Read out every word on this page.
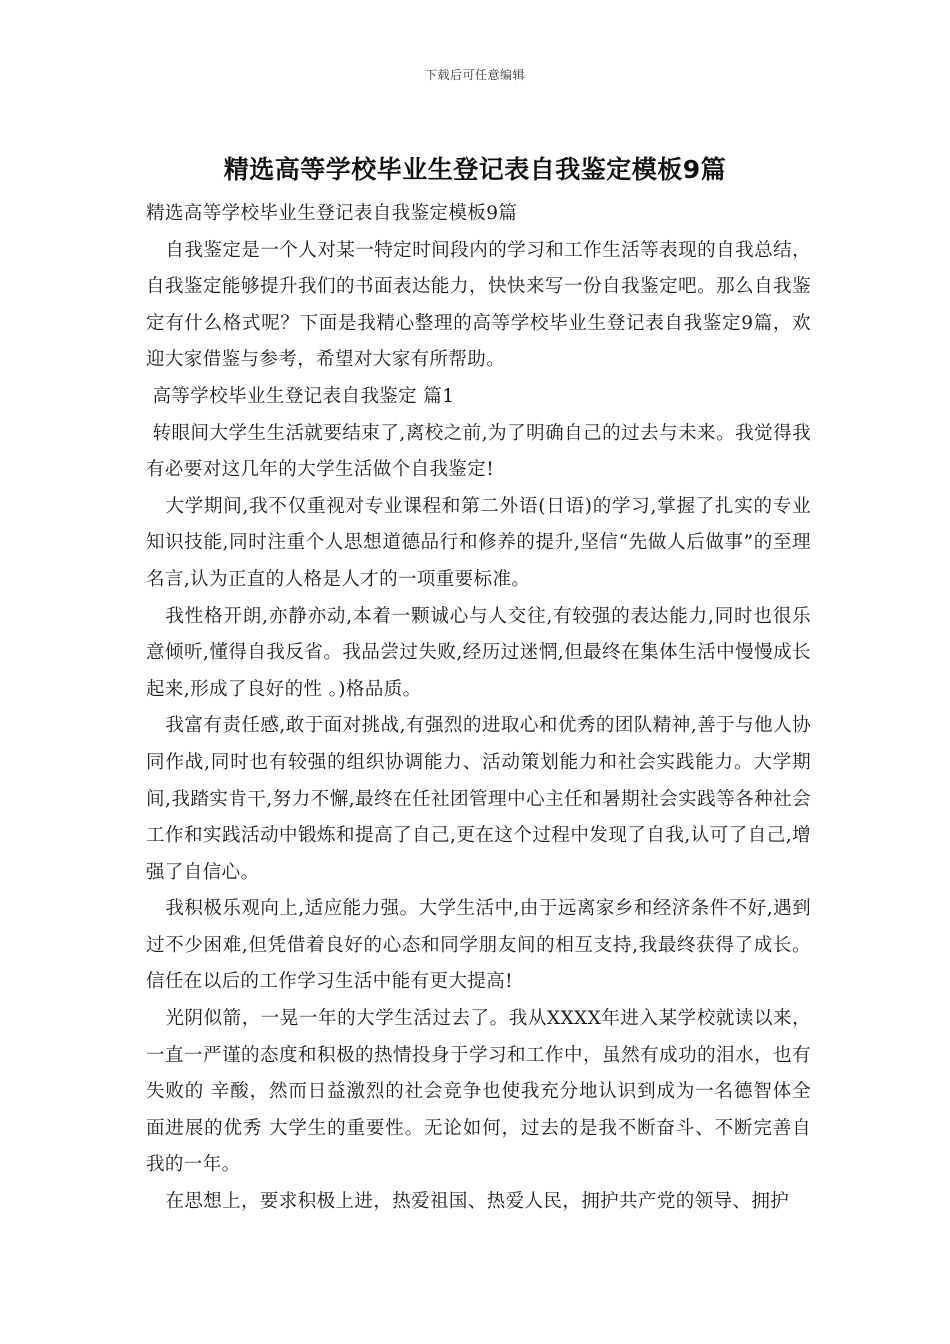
下载后可任意编辑
精选高等学校毕业生登记表自我鉴定模板9篇

精选高等学校毕业生登记表自我鉴定模板9篇

自我鉴定是一个人对某一特定时间段内的学习和工作生活等表现的自我总结，自我鉴定能够提升我们的书面表达能力，快快来写一份自我鉴定吧。那么自我鉴定有什么格式呢？下面是我精心整理的高等学校毕业生登记表自我鉴定9篇，欢迎大家借鉴与参考，希望对大家有所帮助。

高等学校毕业生登记表自我鉴定 篇1

转眼间大学生生活就要结束了,离校之前,为了明确自己的过去与未来。我觉得我有必要对这几年的大学生活做个自我鉴定!

大学期间,我不仅重视对专业课程和第二外语(日语)的学习,掌握了扎实的专业知识技能,同时注重个人思想道德品行和修养的提升,坚信“先做人后做事”的至理名言,认为正直的人格是人才的一项重要标准。

我性格开朗,亦静亦动,本着一颗诚心与人交往,有较强的表达能力,同时也很乐意倾听,懂得自我反省。我品尝过失败,经历过迷惘,但最终在集体生活中慢慢成长起来,形成了良好的性 。)格品质。

我富有责任感,敢于面对挑战,有强烈的进取心和优秀的团队精神,善于与他人协同作战,同时也有较强的组织协调能力、活动策划能力和社会实践能力。大学期间,我踏实肯干,努力不懈,最终在任社团管理中心主任和暑期社会实践等各种社会工作和实践活动中锻炼和提高了自己,更在这个过程中发现了自我,认可了自己,增强了自信心。

我积极乐观向上,适应能力强。大学生活中,由于远离家乡和经济条件不好,遇到过不少困难,但凭借着良好的心态和同学朋友间的相互支持,我最终获得了成长。信任在以后的工作学习生活中能有更大提高!

光阴似箭，一晃一年的大学生活过去了。我从XXXX年进入某学校就读以来，一直一严谨的态度和积极的热情投身于学习和工作中，虽然有成功的泪水，也有失败的 辛酸，然而日益激烈的社会竞争也使我充分地认识到成为一名德智体全面进展的优秀 大学生的重要性。无论如何，过去的是我不断奋斗、不断完善自我的一年。

在思想上，要求积极上进，热爱祖国、热爱人民，拥护共产党的领导、拥护
